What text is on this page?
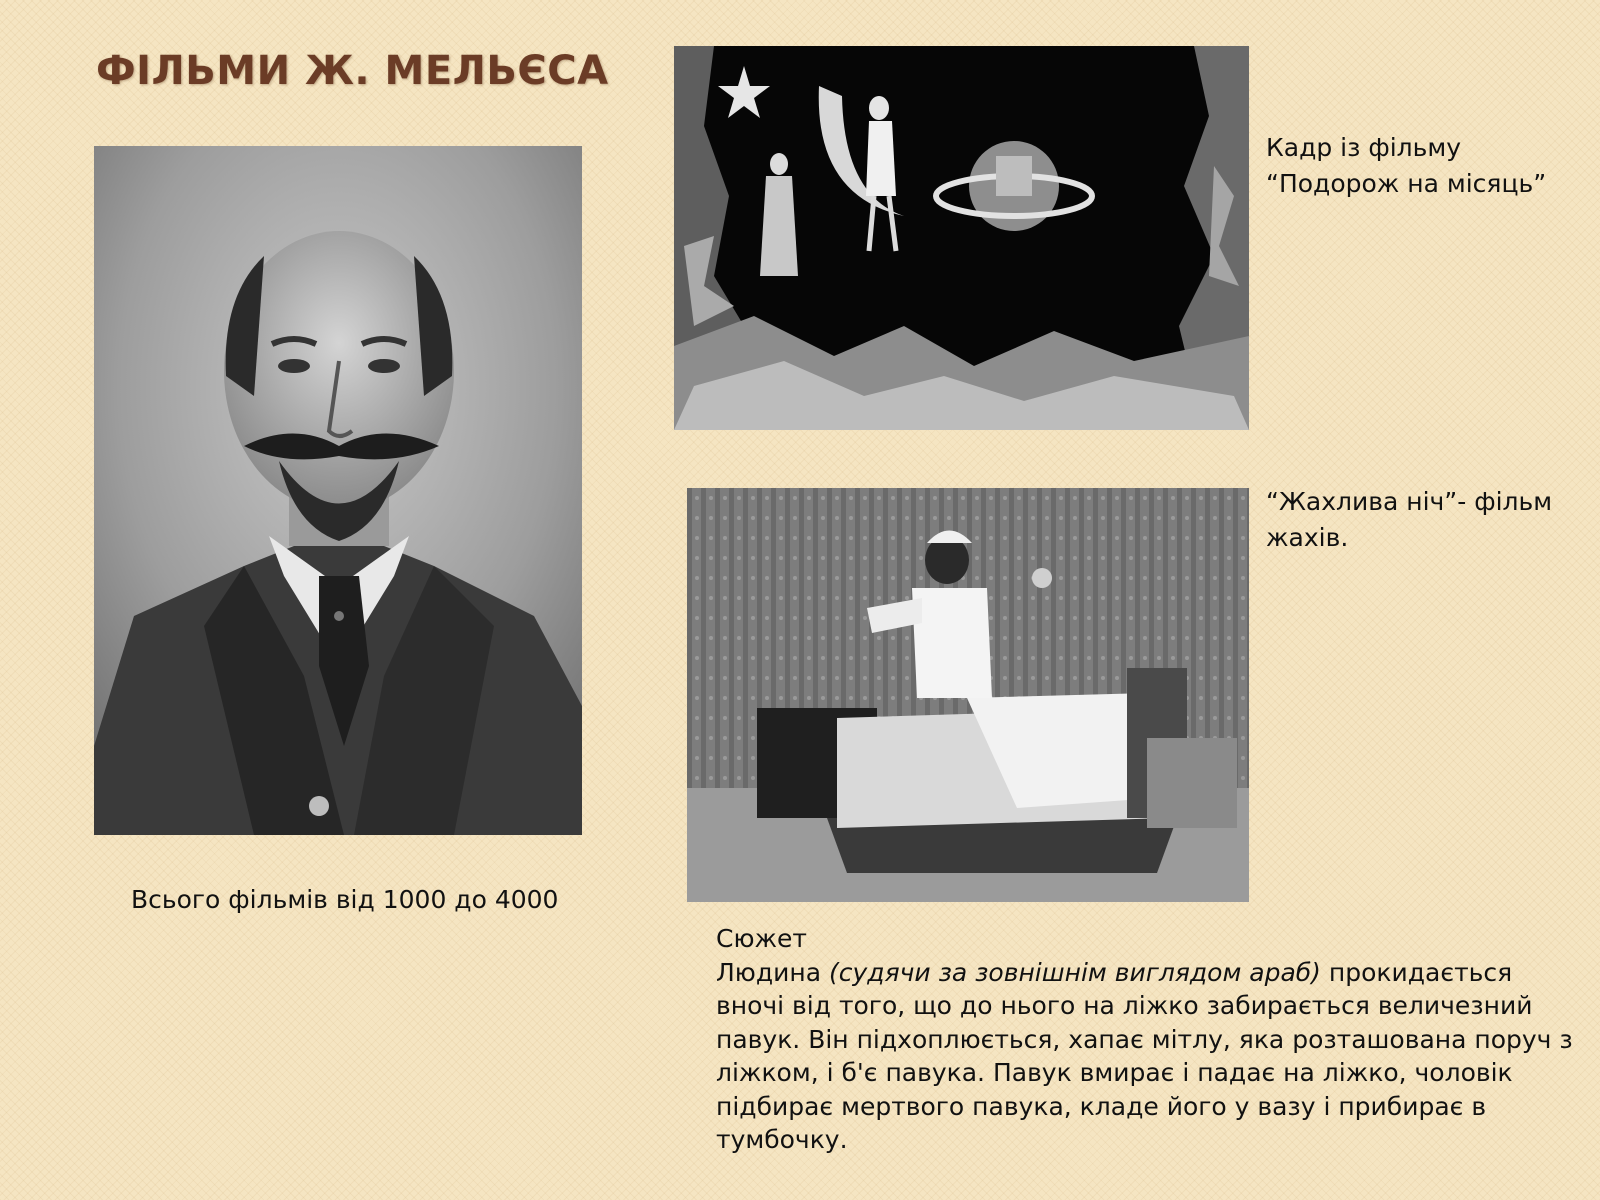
ФІЛЬМИ Ж. МЕЛЬЄСА
Кадр із фільму
“Подорож на місяць”
“Жахлива ніч”- фільм
жахів.
Всього фільмів від 1000 до 4000
Сюжет
Людина (судячи за зовнішнім виглядом араб) прокидається вночі від того, що до нього на ліжко забирається величезний павук. Він підхоплюється, хапає мітлу, яка розташована поруч з ліжком, і б'є павука. Павук вмирає і падає на ліжко, чоловік підбирає мертвого павука, кладе його у вазу і прибирає в тумбочку.
